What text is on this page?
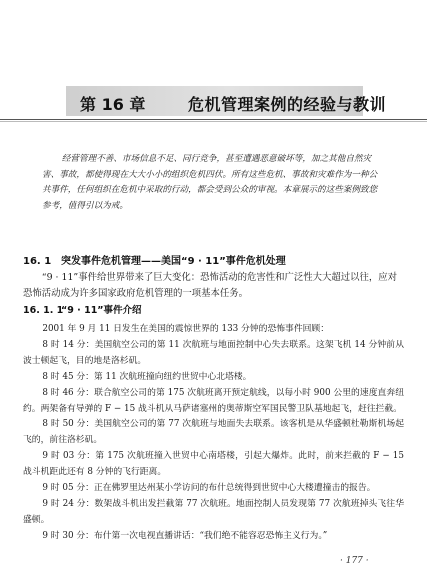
第 16 章	危机管理案例的经验与教训

经营管理不善、市场信息不足、同行竞争，甚至遭遇恶意破坏等，加之其他自然灾害、事故，都使得现在大大小小的组织危机四伏。所有这些危机、事故和灾难作为一种公共事件，任何组织在危机中采取的行动，都会受到公众的审视。本章展示的这些案例致您参考，值得引以为戒。

16. 1 突发事件危机管理——美国“9 · 11”事件危机处理

“9 · 11”事件给世界带来了巨大变化：恐怖活动的危害性和广泛性大大超过以往，应对恐怖活动成为许多国家政府危机管理的一项基本任务。

16. 1. 1“9 · 11”事件介绍

2001 年 9 月 11 日发生在美国的震惊世界的 133 分钟的恐怖事件回顾：

8 时 14 分：美国航空公司的第 11 次航班与地面控制中心失去联系。这架飞机 14 分钟前从波士顿起飞，目的地是洛杉矶。

8 时 45 分：第 11 次航班撞向纽约世贸中心北塔楼。

8 时 46 分：联合航空公司的第 175 次航班离开预定航线，以每小时 900 公里的速度直奔纽约。两架备有导弹的 F − 15 战斗机从马萨诸塞州的奥蒂斯空军国民警卫队基地起飞，赶往拦截。

8 时 50 分：美国航空公司的第 77 次航班与地面失去联系。该客机是从华盛顿杜勒斯机场起飞的，前往洛杉矶。

9 时 03 分：第 175 次航班撞入世贸中心南塔楼，引起大爆炸。此时，前来拦截的 F − 15 战斗机距此还有 8 分钟的飞行距离。

9 时 05 分：正在佛罗里达州某小学访问的布什总统得到世贸中心大楼遭撞击的报告。

9 时 24 分：数架战斗机出发拦截第 77 次航班。地面控制人员发现第 77 次航班掉头飞往华盛顿。

9 时 30 分：布什第一次电视直播讲话：“我们绝不能容忍恐怖主义行为。”

· 177 ·
